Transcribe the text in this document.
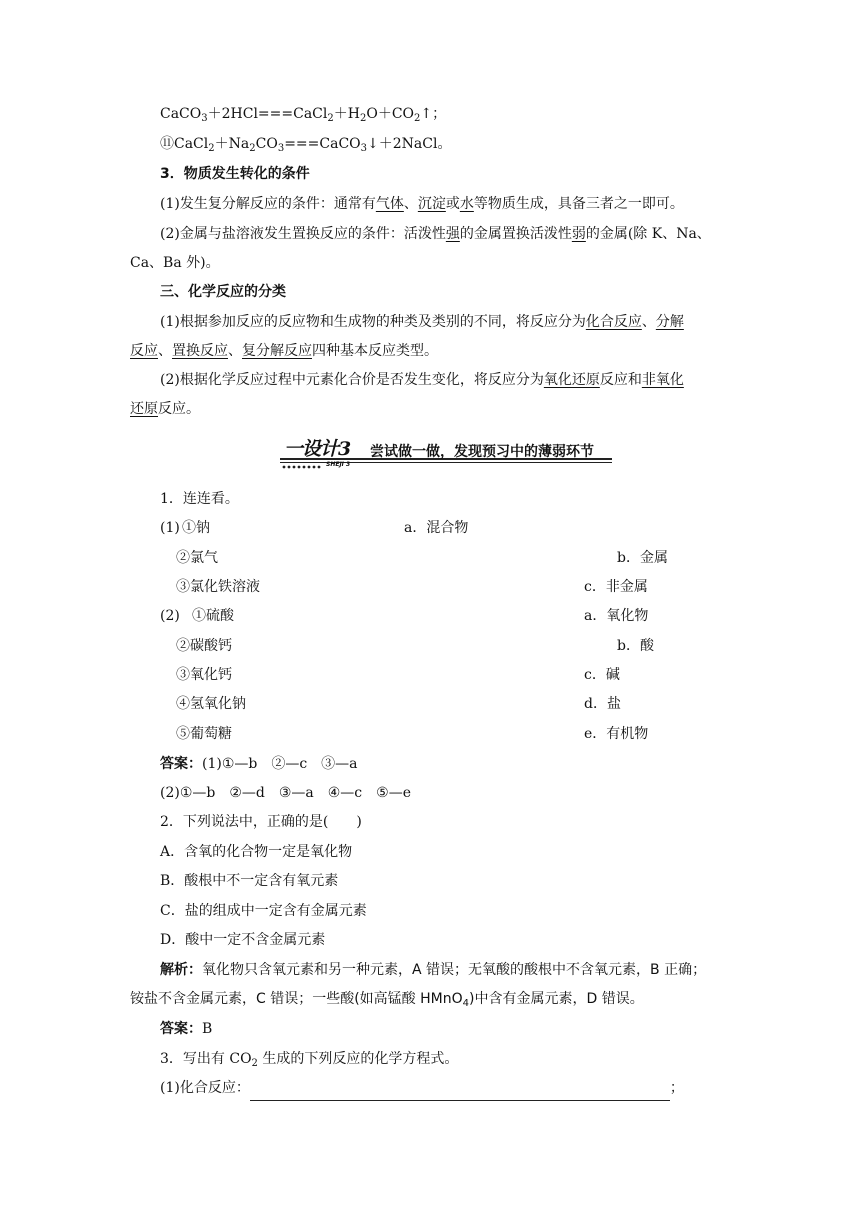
$CaCO_3+2HCl===CaCl_2+H_2O+CO_2↑$；
$⑪CaCl_2+Na_2CO_3===CaCO_3↓+2NaCl$。
3．物质发生转化的条件
(1)发生复分解反应的条件：通常有气体、沉淀或水等物质生成，具备三者之一即可。
(2)金属与盐溶液发生置换反应的条件：活泼性强的金属置换活泼性弱的金属(除 K、Na、
Ca、Ba 外)。
三、化学反应的分类
(1)根据参加反应的反应物和生成物的种类及类别的不同，将反应分为化合反应、分解
反应、置换反应、复分解反应四种基本反应类型。
(2)根据化学反应过程中元素化合价是否发生变化，将反应分为氧化还原反应和非氧化
还原反应。
一设计3
SHEJI 3
尝试做一做，发现预习中的薄弱环节
1．连连看。
(1) ①钠
②氯气
③氯化铁溶液
a．混合物
b．金属
c．非金属
(2) ①硫酸
②碳酸钙
③氧化钙
④氢氧化钠
⑤葡萄糖
a．氧化物
b．酸
c．碱
d．盐
e．有机物
答案：(1)①—b　②—c　③—a
(2)①—b　②—d　③—a　④—c　⑤—e
2．下列说法中，正确的是(　　)
A．含氧的化合物一定是氧化物
B．酸根中不一定含有氧元素
C．盐的组成中一定含有金属元素
D．酸中一定不含金属元素
解析：氧化物只含氧元素和另一种元素，A 错误；无氧酸的酸根中不含氧元素，B 正确；
铵盐不含金属元素，C 错误；一些酸(如高锰酸 HMnO$_4$)中含有金属元素，D 错误。
答案：B
3．写出有 $CO_2$ 生成的下列反应的化学方程式。
(1)化合反应：	；
